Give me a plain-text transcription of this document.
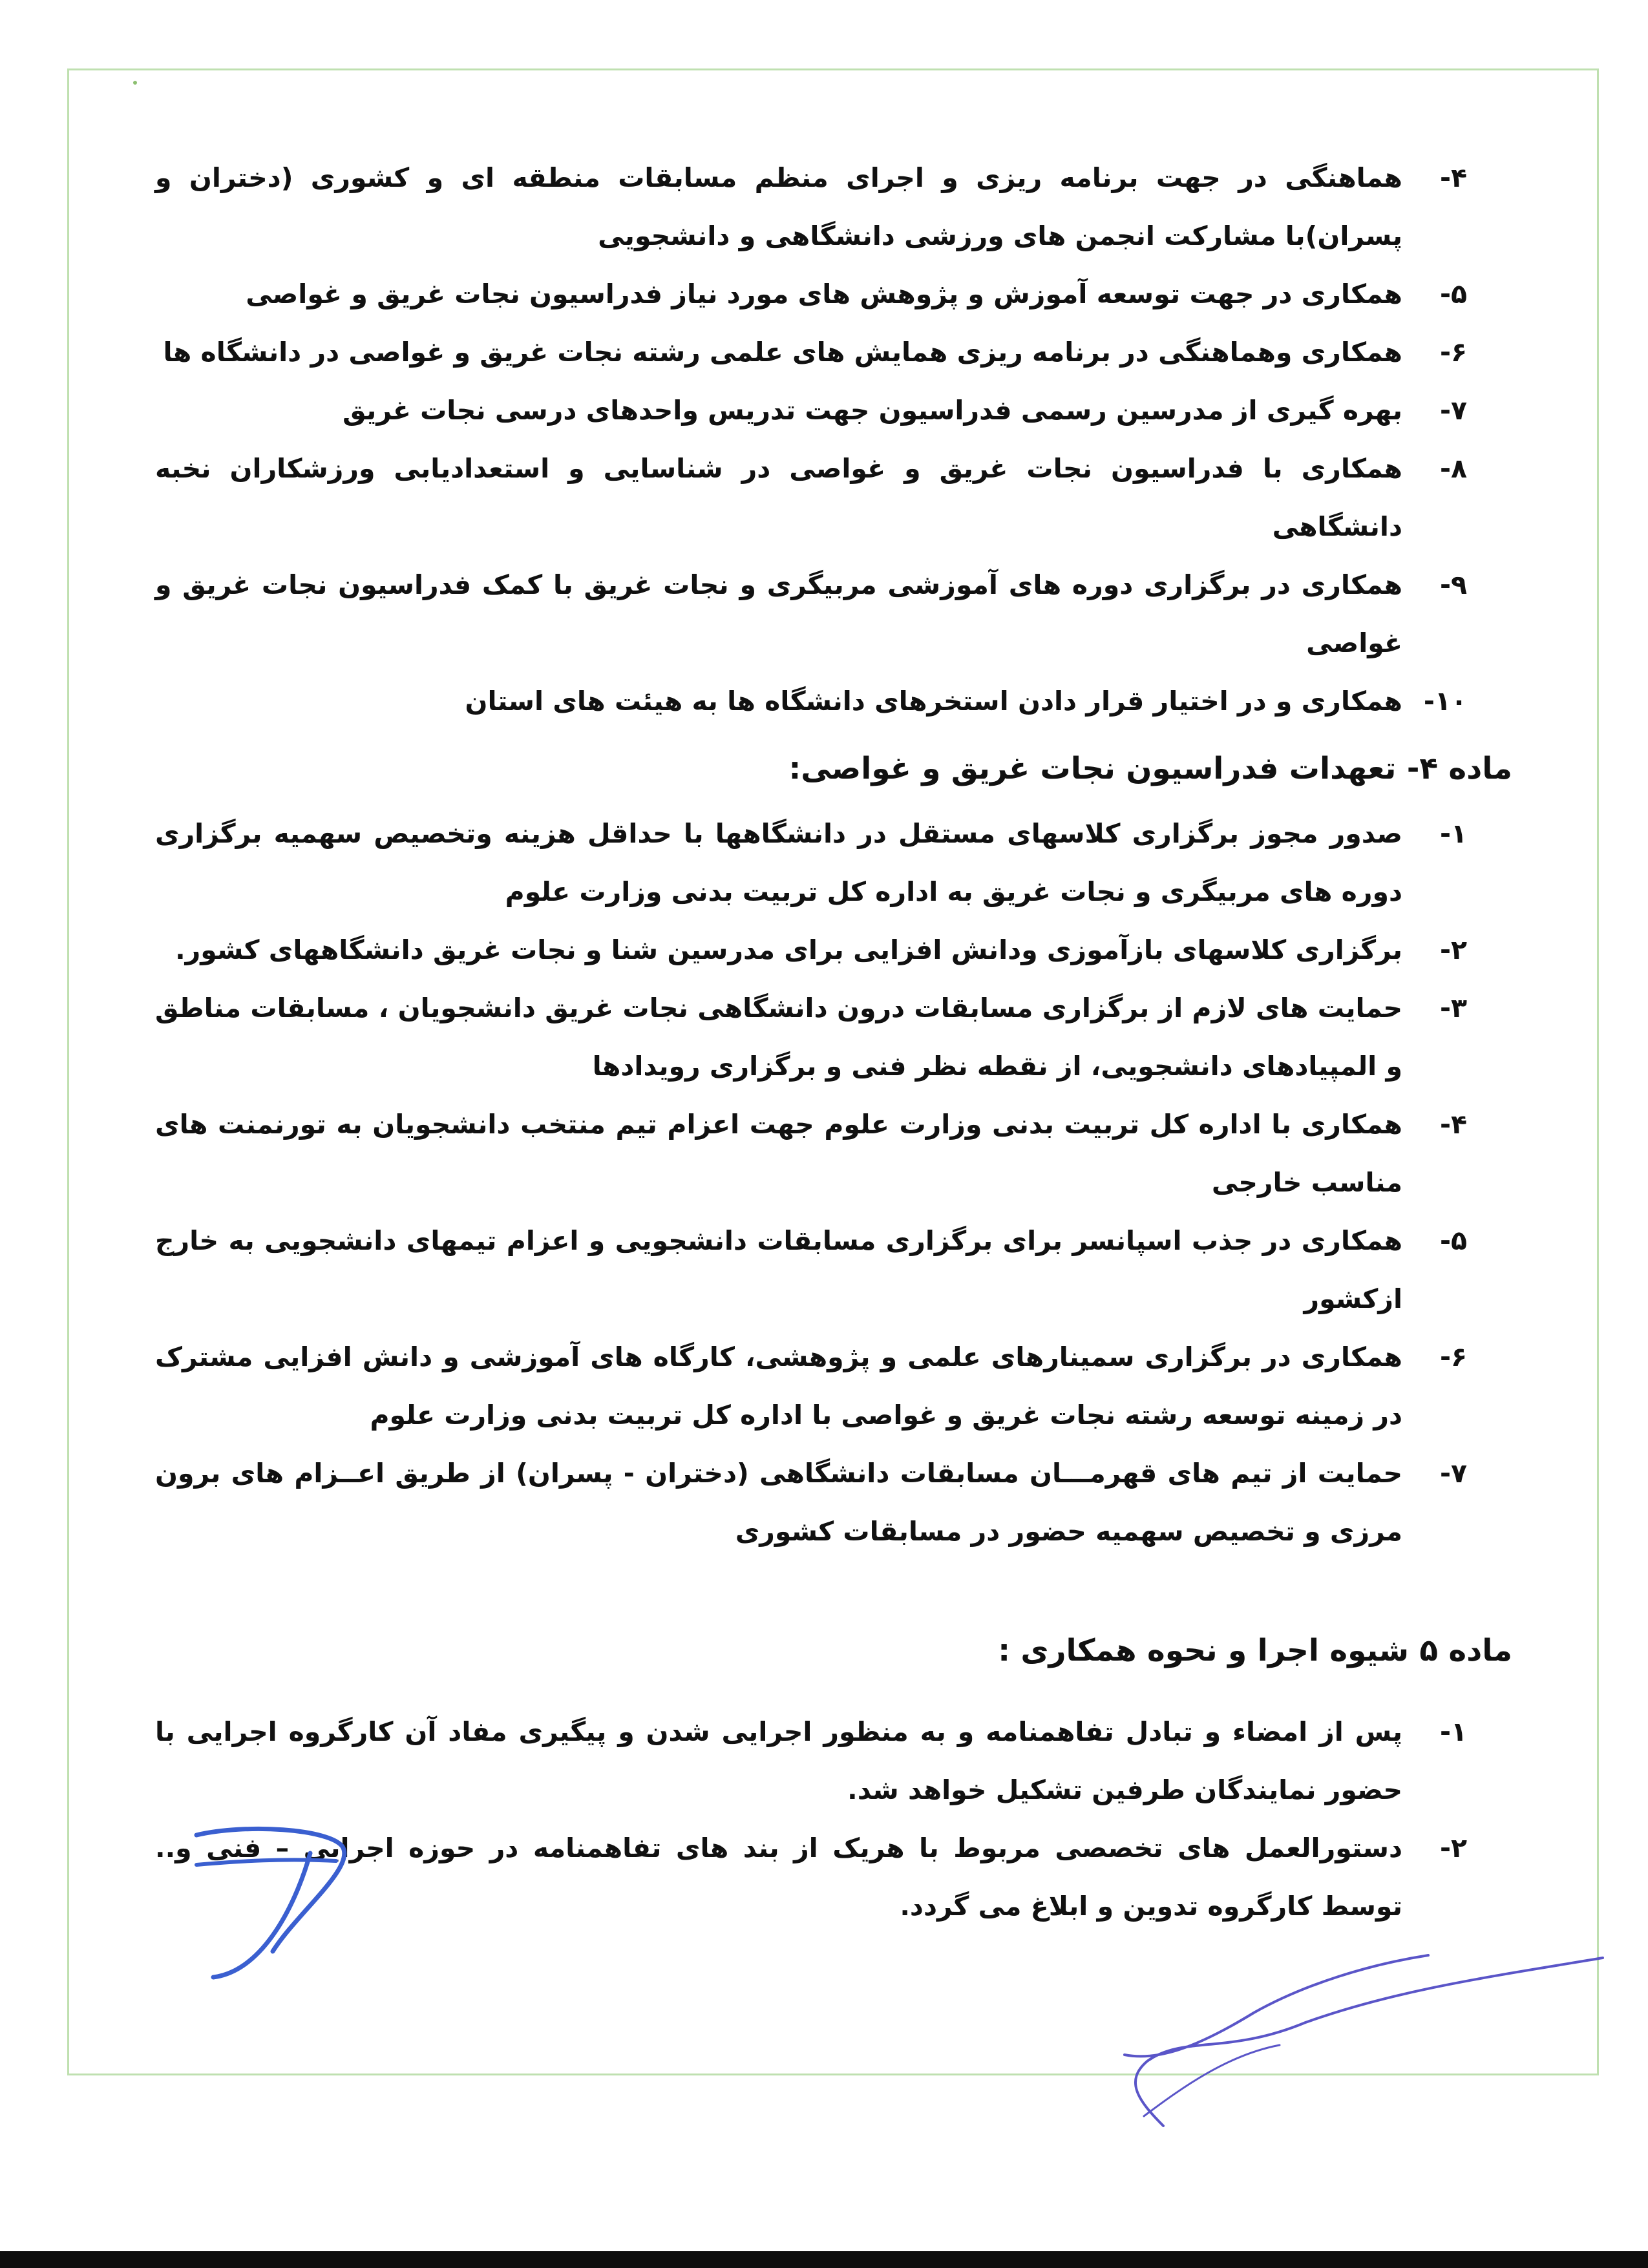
۴-
هماهنگی در جهت برنامه ریزی و اجرای منظم مسابقات منطقه ای و کشوری (دختران و پسران)با مشارکت انجمن های ورزشی دانشگاهی و دانشجویی
۵-
همکاری در جهت توسعه آموزش و پژوهش های مورد نیاز فدراسیون نجات غریق و غواصی
۶-
همکاری وهماهنگی در برنامه ریزی همایش های علمی رشته نجات غریق و غواصی در دانشگاه ها
۷-
بهره گیری از مدرسین رسمی فدراسیون جهت تدریس واحدهای درسی نجات غریق
۸-
همکاری با فدراسیون نجات غریق و غواصی در شناسایی و استعدادیابی ورزشکاران نخبه دانشگاهی
۹-
همکاری در برگزاری دوره های آموزشی مربیگری و نجات غریق با کمک فدراسیون نجات غریق و غواصی
۱۰-
همکاری و در اختیار قرار دادن استخرهای دانشگاه ها به هیئت های استان
ماده ۴- تعهدات فدراسیون نجات غریق و غواصی:
۱-
صدور مجوز برگزاری کلاسهای مستقل در دانشگاهها با حداقل هزینه وتخصیص سهمیه برگزاری دوره های مربیگری و نجات غریق به اداره کل تربیت بدنی وزارت علوم
۲-
برگزاری کلاسهای بازآموزی ودانش افزایی برای مدرسین شنا و نجات غریق دانشگاههای کشور.
۳-
حمایت های لازم از برگزاری مسابقات درون دانشگاهی نجات غریق دانشجویان ، مسابقات مناطق و المپیادهای دانشجویی، از نقطه نظر فنی و برگزاری رویدادها
۴-
همکاری با اداره کل تربیت بدنی وزارت علوم جهت اعزام تیم منتخب دانشجویان به تورنمنت های مناسب خارجی
۵-
همکاری در جذب اسپانسر برای برگزاری مسابقات دانشجویی و اعزام تیمهای دانشجویی به خارج ازکشور
۶-
همکاری در برگزاری سمینارهای علمی و پژوهشی، کارگاه های آموزشی و دانش افزایی مشترک در زمینه توسعه رشته نجات غریق و غواصی با اداره کل تربیت بدنی وزارت علوم
۷-
حمایت از تیم های قهرمـــان مسابقات دانشگاهی (دختران - پسران) از طریق اعــزام های برون مرزی و تخصیص سهمیه حضور در مسابقات کشوری
ماده ۵ شیوه اجرا و نحوه همکاری :
۱-
پس از امضاء و تبادل تفاهمنامه و به منظور اجرایی شدن و پیگیری مفاد آن کارگروه اجرایی با حضور نمایندگان طرفین تشکیل خواهد شد.
۲-
دستورالعمل های تخصصی مربوط با هریک از بند های تفاهمنامه در حوزه اجرایی – فنی و.. توسط کارگروه تدوین و ابلاغ می گردد.
